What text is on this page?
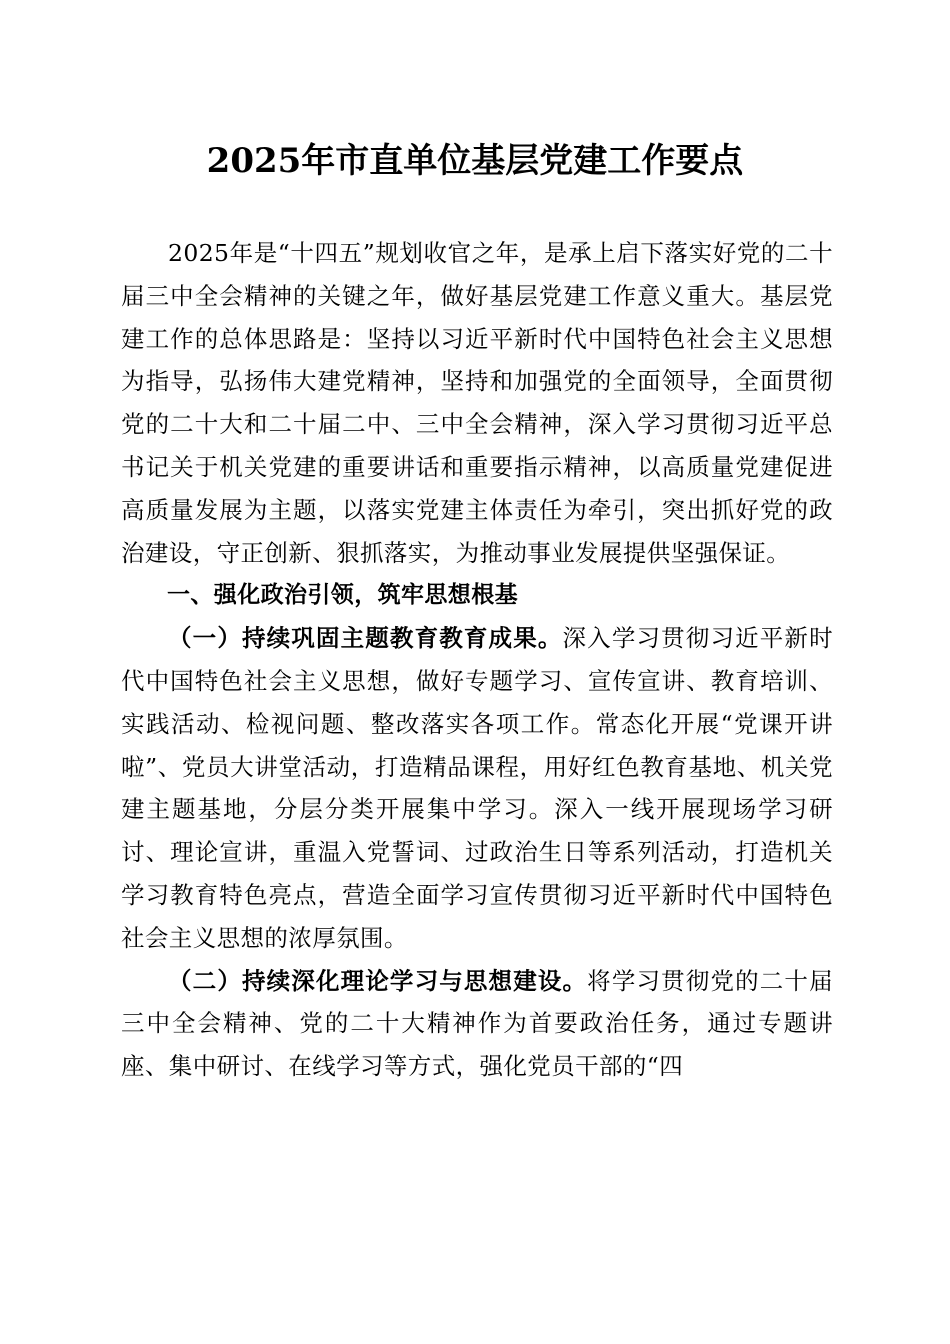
2025年市直单位基层党建工作要点

2025年是“十四五”规划收官之年，是承上启下落实好党的二十届三中全会精神的关键之年，做好基层党建工作意义重大。基层党建工作的总体思路是：坚持以习近平新时代中国特色社会主义思想为指导，弘扬伟大建党精神，坚持和加强党的全面领导，全面贯彻党的二十大和二十届二中、三中全会精神，深入学习贯彻习近平总书记关于机关党建的重要讲话和重要指示精神，以高质量党建促进高质量发展为主题，以落实党建主体责任为牵引，突出抓好党的政治建设，守正创新、狠抓落实，为推动事业发展提供坚强保证。

一、强化政治引领，筑牢思想根基

（一）持续巩固主题教育教育成果。深入学习贯彻习近平新时代中国特色社会主义思想，做好专题学习、宣传宣讲、教育培训、实践活动、检视问题、整改落实各项工作。常态化开展“党课开讲啦”、党员大讲堂活动，打造精品课程，用好红色教育基地、机关党建主题基地，分层分类开展集中学习。深入一线开展现场学习研讨、理论宣讲，重温入党誓词、过政治生日等系列活动，打造机关学习教育特色亮点，营造全面学习宣传贯彻习近平新时代中国特色社会主义思想的浓厚氛围。

（二）持续深化理论学习与思想建设。将学习贯彻党的二十届三中全会精神、党的二十大精神作为首要政治任务，通过专题讲座、集中研讨、在线学习等方式，强化党员干部的“四
